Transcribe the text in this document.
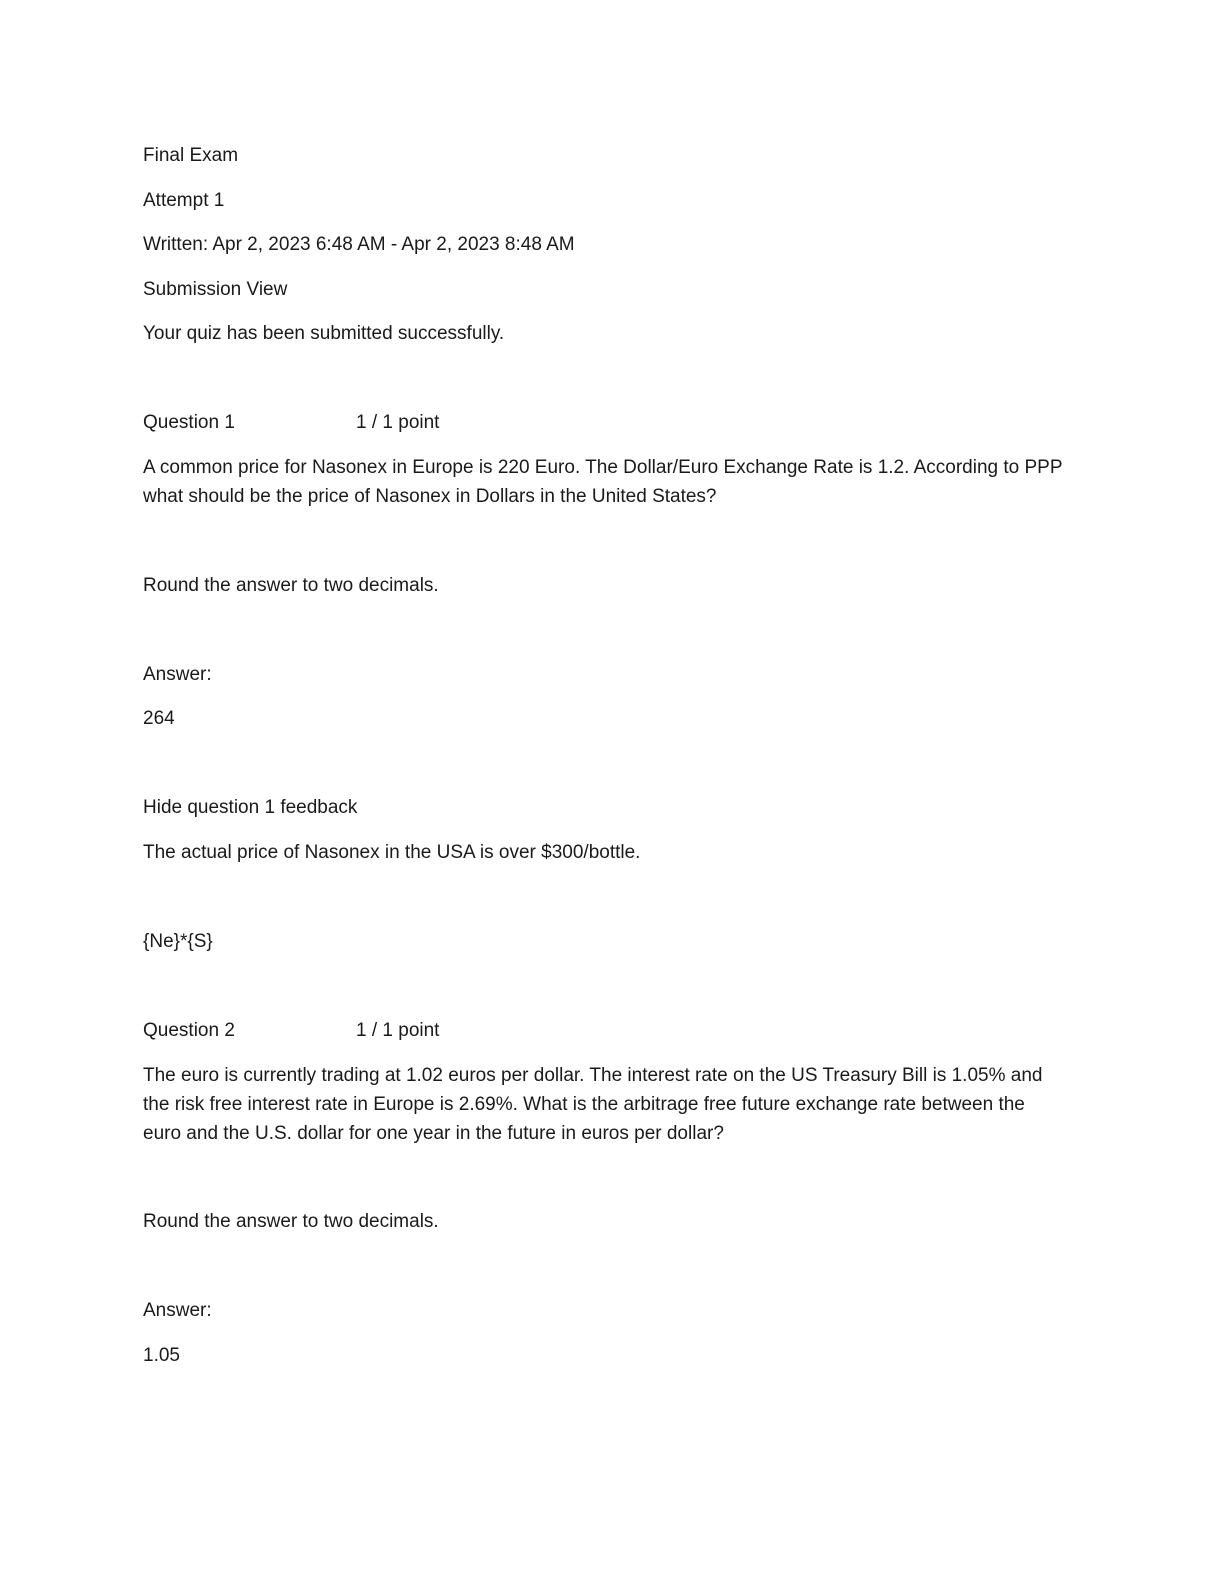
Final Exam
Attempt 1
Written: Apr 2, 2023 6:48 AM - Apr 2, 2023 8:48 AM
Submission View
Your quiz has been submitted successfully.
Question 1	1 / 1 point
A common price for Nasonex in Europe is 220 Euro. The Dollar/Euro Exchange Rate is 1.2. According to PPP what should be the price of Nasonex in Dollars in the United States?
Round the answer to two decimals.
Answer:
264
Hide question 1 feedback
The actual price of Nasonex in the USA is over $300/bottle.
{Ne}*{S}
Question 2	1 / 1 point
The euro is currently trading at 1.02 euros per dollar. The interest rate on the US Treasury Bill is 1.05% and the risk free interest rate in Europe is 2.69%. What is the arbitrage free future exchange rate between the euro and the U.S. dollar for one year in the future in euros per dollar?
Round the answer to two decimals.
Answer:
1.05
